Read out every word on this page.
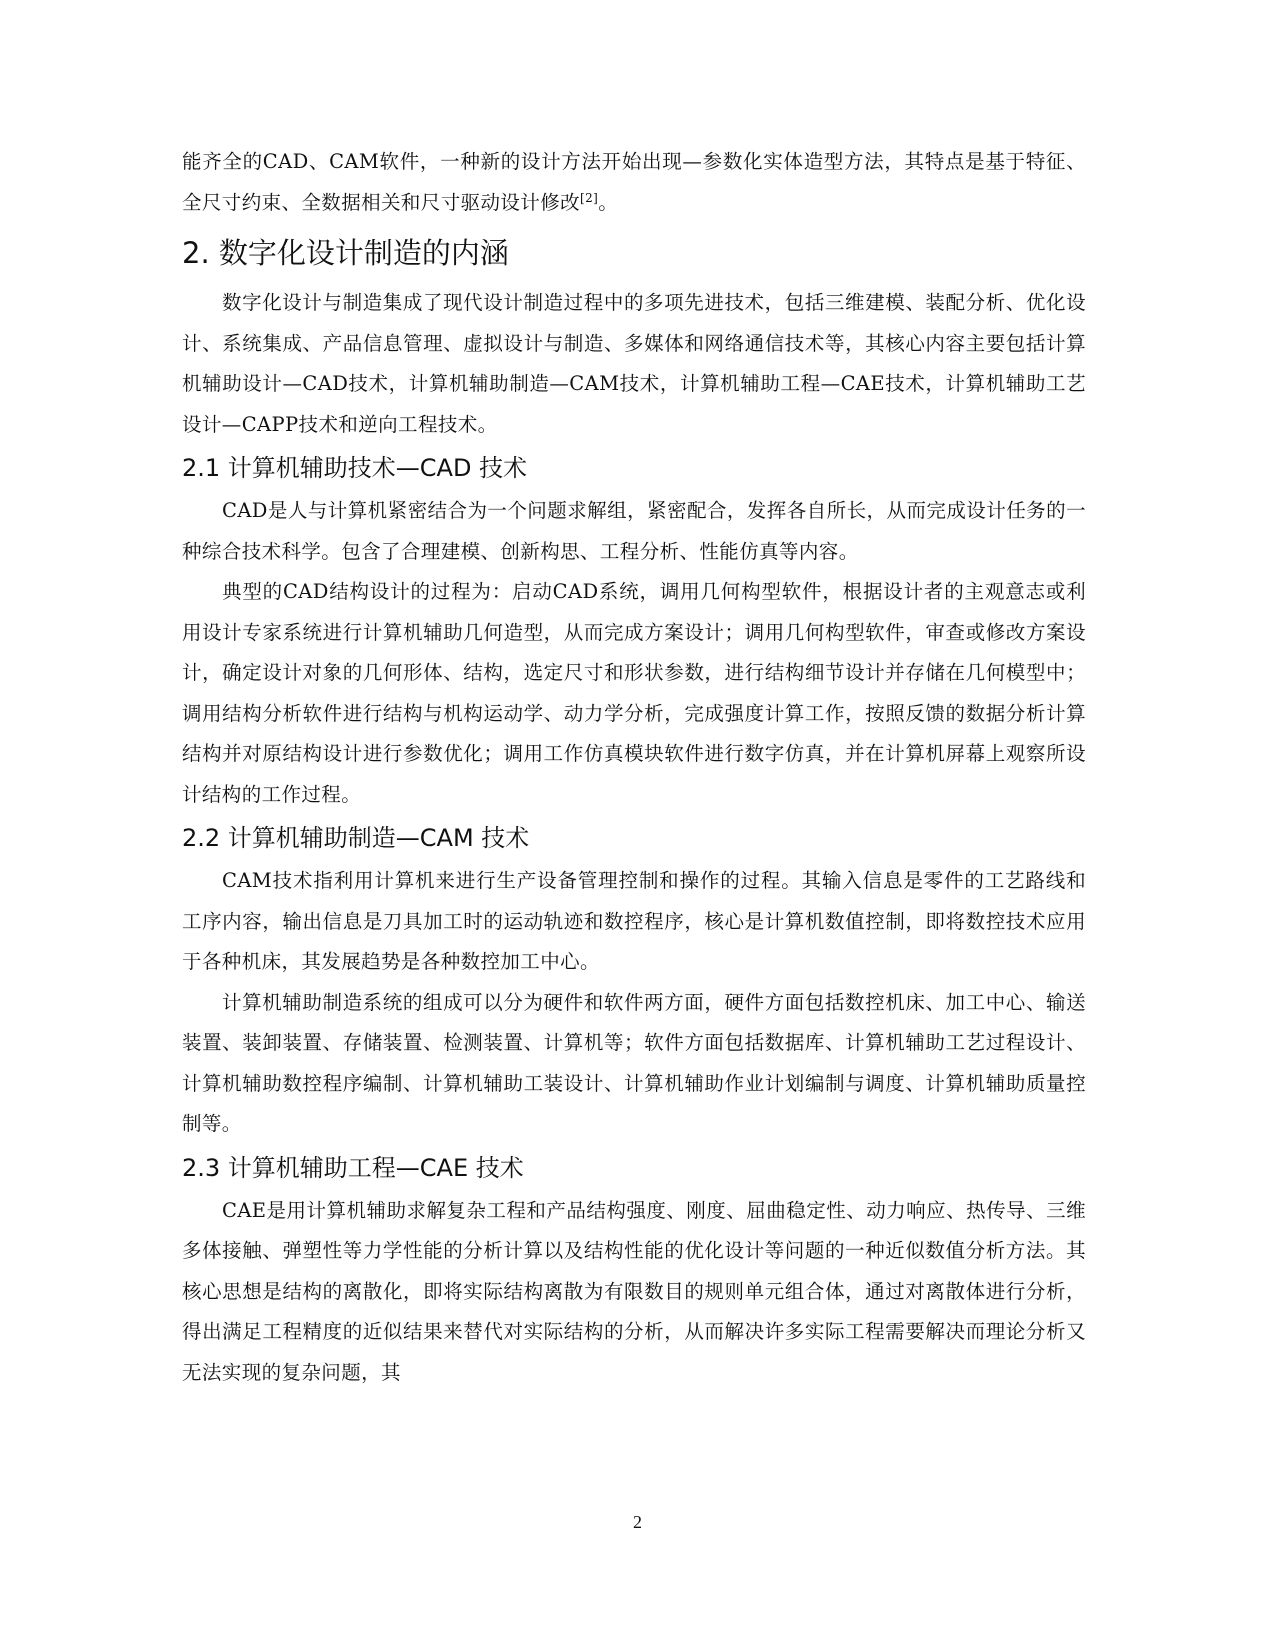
能齐全的CAD、CAM软件，一种新的设计方法开始出现—参数化实体造型方法，其特点是基于特征、全尺寸约束、全数据相关和尺寸驱动设计修改[2]。

2. 数字化设计制造的内涵

数字化设计与制造集成了现代设计制造过程中的多项先进技术，包括三维建模、装配分析、优化设计、系统集成、产品信息管理、虚拟设计与制造、多媒体和网络通信技术等，其核心内容主要包括计算机辅助设计—CAD技术，计算机辅助制造—CAM技术，计算机辅助工程—CAE技术，计算机辅助工艺设计—CAPP技术和逆向工程技术。

2.1 计算机辅助技术—CAD 技术

CAD是人与计算机紧密结合为一个问题求解组，紧密配合，发挥各自所长，从而完成设计任务的一种综合技术科学。包含了合理建模、创新构思、工程分析、性能仿真等内容。

典型的CAD结构设计的过程为：启动CAD系统，调用几何构型软件，根据设计者的主观意志或利用设计专家系统进行计算机辅助几何造型，从而完成方案设计；调用几何构型软件，审查或修改方案设计，确定设计对象的几何形体、结构，选定尺寸和形状参数，进行结构细节设计并存储在几何模型中；调用结构分析软件进行结构与机构运动学、动力学分析，完成强度计算工作，按照反馈的数据分析计算结构并对原结构设计进行参数优化；调用工作仿真模块软件进行数字仿真，并在计算机屏幕上观察所设计结构的工作过程。

2.2 计算机辅助制造—CAM 技术

CAM技术指利用计算机来进行生产设备管理控制和操作的过程。其输入信息是零件的工艺路线和工序内容，输出信息是刀具加工时的运动轨迹和数控程序，核心是计算机数值控制，即将数控技术应用于各种机床，其发展趋势是各种数控加工中心。

计算机辅助制造系统的组成可以分为硬件和软件两方面，硬件方面包括数控机床、加工中心、输送装置、装卸装置、存储装置、检测装置、计算机等；软件方面包括数据库、计算机辅助工艺过程设计、计算机辅助数控程序编制、计算机辅助工装设计、计算机辅助作业计划编制与调度、计算机辅助质量控制等。

2.3 计算机辅助工程—CAE 技术

CAE是用计算机辅助求解复杂工程和产品结构强度、刚度、屈曲稳定性、动力响应、热传导、三维多体接触、弹塑性等力学性能的分析计算以及结构性能的优化设计等问题的一种近似数值分析方法。其核心思想是结构的离散化，即将实际结构离散为有限数目的规则单元组合体，通过对离散体进行分析，得出满足工程精度的近似结果来替代对实际结构的分析，从而解决许多实际工程需要解决而理论分析又无法实现的复杂问题，其

2
